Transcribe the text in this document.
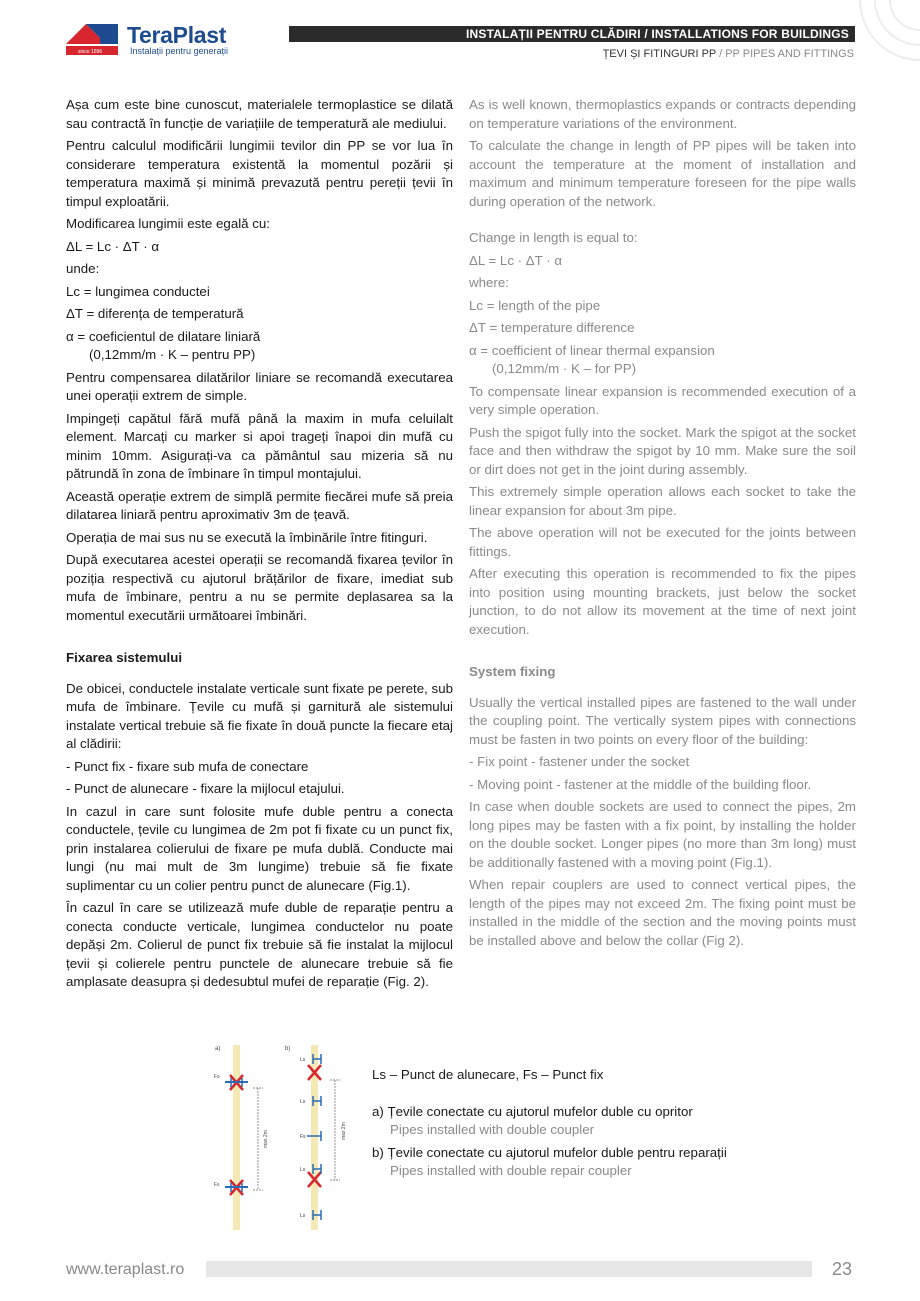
since 1896
TeraPlast
Instalații pentru generații
INSTALAȚII PENTRU CLĂDIRI / INSTALLATIONS FOR BUILDINGS
ȚEVI ȘI FITINGURI PP / PP PIPES AND FITTINGS

Așa cum este bine cunoscut, materialele termoplastice se dilată sau contractă în funcție de variațiile de temperatură ale mediului.

Pentru calculul modificării lungimii tevilor din PP se vor lua în considerare temperatura existentă la momentul pozării și temperatura maximă și minimă prevazută pentru pereții țevii în timpul exploatării.

Modificarea lungimii este egală cu:

ΔL = Lc · ΔT · α

unde:

Lc = lungimea conductei

ΔT = diferența de temperatură

α = coeficientul de dilatare liniară

(0,12mm/m · K – pentru PP)

Pentru compensarea dilatărilor liniare se recomandă executarea unei operații extrem de simple.

Impingeți capătul fără mufă până la maxim in mufa celuilalt element. Marcați cu marker si apoi trageți înapoi din mufă cu minim 10mm. Asigurați-va ca pământul sau mizeria să nu pătrundă în zona de îmbinare în timpul montajului.

Această operație extrem de simplă permite fiecărei mufe să preia dilatarea liniară pentru aproximativ 3m de țeavă.

Operația de mai sus nu se execută la îmbinările între fitinguri.

După executarea acestei operații se recomandă fixarea țevilor în poziția respectivă cu ajutorul brățărilor de fixare, imediat sub mufa de îmbinare, pentru a nu se permite deplasarea sa la momentul executării următoarei îmbinări.

Fixarea sistemului

De obicei, conductele instalate verticale sunt fixate pe perete, sub mufa de îmbinare. Țevile cu mufă și garnitură ale sistemului instalate vertical trebuie să fie fixate în două puncte la fiecare etaj al clădirii:

- Punct fix - fixare sub mufa de conectare

- Punct de alunecare - fixare la mijlocul etajului.

In cazul in care sunt folosite mufe duble pentru a conecta conductele, țevile cu lungimea de 2m pot fi fixate cu un punct fix, prin instalarea colierului de fixare pe mufa dublă. Conducte mai lungi (nu mai mult de 3m lungime) trebuie să fie fixate suplimentar cu un colier pentru punct de alunecare (Fig.1).

În cazul în care se utilizează mufe duble de reparație pentru a conecta conducte verticale, lungimea conductelor nu poate depăși 2m. Colierul de punct fix trebuie să fie instalat la mijlocul țevii și colierele pentru punctele de alunecare trebuie să fie amplasate deasupra și dedesubtul mufei de reparație (Fig. 2).

As is well known, thermoplastics expands or contracts depending on temperature variations of the environment.

To calculate the change in length of PP pipes will be taken into account the temperature at the moment of installation and maximum and minimum temperature foreseen for the pipe walls during operation of the network.

Change in length is equal to:

ΔL = Lc · ΔT · α

where:

Lc = length of the pipe

ΔT = temperature difference

α = coefficient of linear thermal expansion

(0,12mm/m · K – for PP)

To compensate linear expansion is recommended execution of a very simple operation.

Push the spigot fully into the socket. Mark the spigot at the socket face and then withdraw the spigot by 10 mm. Make sure the soil or dirt does not get in the joint during assembly.

This extremely simple operation allows each socket to take the linear expansion for about 3m pipe.

The above operation will not be executed for the joints between fittings.

After executing this operation is recommended to fix the pipes into position using mounting brackets, just below the socket junction, to do not allow its movement at the time of next joint execution.

System fixing

Usually the vertical installed pipes are fastened to the wall under the coupling point. The vertically system pipes with connections must be fasten in two points on every floor of the building:

- Fix point - fastener under the socket

- Moving point - fastener at the middle of the building floor.

In case when double sockets are used to connect the pipes, 2m long pipes may be fasten with a fix point, by installing the holder on the double socket. Longer pipes (no more than 3m long) must be additionally fastened with a moving point (Fig.1).

When repair couplers are used to connect vertical pipes, the length of the pipes may not exceed 2m. The fixing point must be installed in the middle of the section and the moving points must be installed above and below the collar (Fig 2).

a)
Fs
Fs
max 2m
b)
Ls
Ls
Fs
Ls
Ls
max 2m
Ls – Punct de alunecare, Fs – Punct fix
a) Țevile conectate cu ajutorul mufelor duble cu opritor
Pipes installed with double coupler
b) Țevile conectate cu ajutorul mufelor duble pentru reparații
Pipes installed with double repair coupler
www.teraplast.ro	23
